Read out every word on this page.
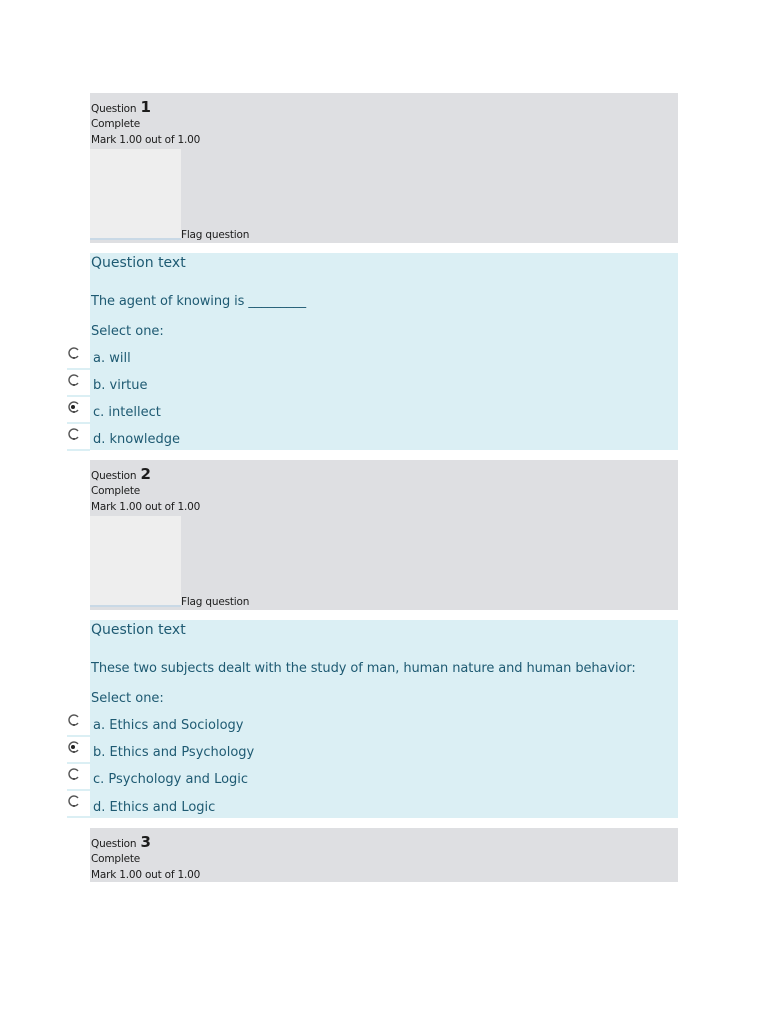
Question 1
Complete
Mark 1.00 out of 1.00
Flag question
Question text
The agent of knowing is _________
Select one:
a. will
b. virtue
c. intellect
d. knowledge
Question 2
Complete
Mark 1.00 out of 1.00
Flag question
Question text
These two subjects dealt with the study of man, human nature and human behavior:
Select one:
a. Ethics and Sociology
b. Ethics and Psychology
c. Psychology and Logic
d. Ethics and Logic
Question 3
Complete
Mark 1.00 out of 1.00
